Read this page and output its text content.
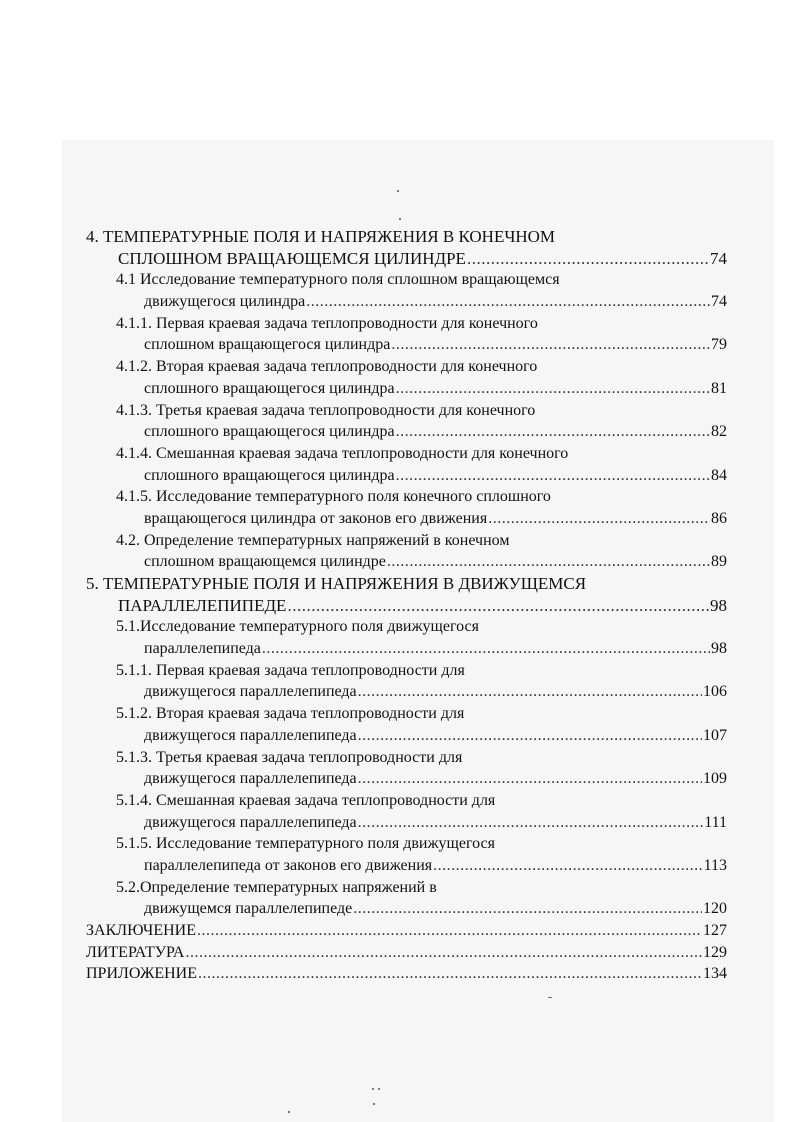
4. ТЕМПЕРАТУРНЫЕ ПОЛЯ И НАПРЯЖЕНИЯ В КОНЕЧНОМ
СПЛОШНОМ ВРАЩАЮЩЕМСЯ ЦИЛИНДРЕ .....	74
4.1 Исследование температурного поля сплошном вращающемся
движущегося цилиндра .....	74
4.1.1. Первая краевая задача теплопроводности для конечного
сплошном вращающегося цилиндра .....	79
4.1.2. Вторая краевая задача теплопроводности для конечного
сплошного вращающегося цилиндра .....	81
4.1.3. Третья краевая задача теплопроводности для конечного
сплошного вращающегося цилиндра .....	82
4.1.4. Смешанная краевая задача теплопроводности для конечного
сплошного вращающегося цилиндра .....	84
4.1.5. Исследование температурного поля конечного сплошного
вращающегося цилиндра от законов его движения .....	86
4.2. Определение температурных напряжений в конечном
сплошном вращающемся цилиндре .....	89
5. ТЕМПЕРАТУРНЫЕ ПОЛЯ И НАПРЯЖЕНИЯ В ДВИЖУЩЕМСЯ
ПАРАЛЛЕЛЕПИПЕДЕ .....	98
5.1.Исследование температурного поля движущегося
параллелепипеда .....	98
5.1.1. Первая краевая задача теплопроводности для
движущегося параллелепипеда .....	106
5.1.2. Вторая краевая задача теплопроводности для
движущегося параллелепипеда .....	107
5.1.3. Третья краевая задача теплопроводности для
движущегося параллелепипеда .....	109
5.1.4. Смешанная краевая задача теплопроводности для
движущегося параллелепипеда .....	111
5.1.5. Исследование температурного поля движущегося
параллелепипеда от законов его движения .....	113
5.2.Определение температурных напряжений в
движущемся параллелепипеде .....	120
ЗАКЛЮЧЕНИЕ .....	127
ЛИТЕРАТУРА .....	129
ПРИЛОЖЕНИЕ .....	134
